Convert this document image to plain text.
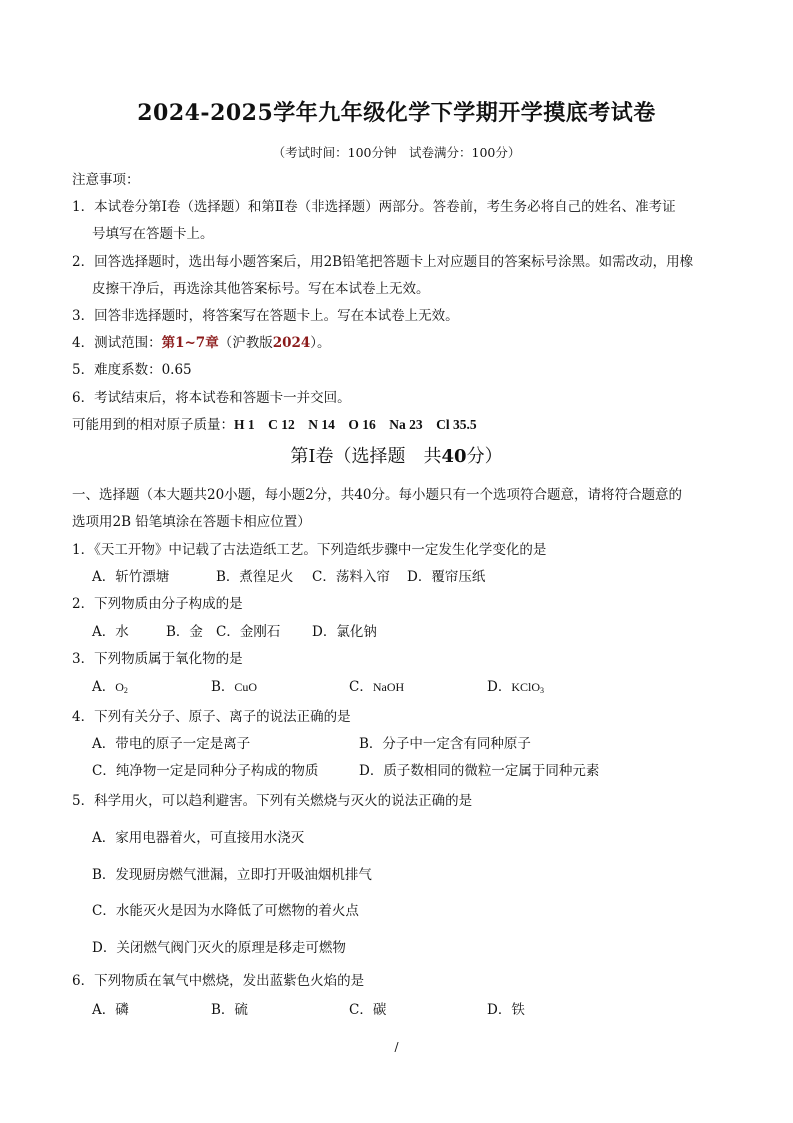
2024-2025学年九年级化学下学期开学摸底考试卷
（考试时间：100分钟　试卷满分：100分）
注意事项：
1．本试卷分第Ⅰ卷（选择题）和第Ⅱ卷（非选择题）两部分。答卷前，考生务必将自己的姓名、准考证
号填写在答题卡上。
2．回答选择题时，选出每小题答案后，用2B铅笔把答题卡上对应题目的答案标号涂黑。如需改动，用橡
皮擦干净后，再选涂其他答案标号。写在本试卷上无效。
3．回答非选择题时，将答案写在答题卡上。写在本试卷上无效。
4．测试范围：第1~7章（沪教版2024）。
5．难度系数：0.65
6．考试结束后，将本试卷和答题卡一并交回。
可能用到的相对原子质量：H 1　C 12　N 14　O 16　Na 23　Cl 35.5
第Ⅰ卷（选择题　共40分）
一、选择题（本大题共20小题，每小题2分，共40分。每小题只有一个选项符合题意，请将符合题意的
选项用2B 铅笔填涂在答题卡相应位置）
1．《天工开物》中记载了古法造纸工艺。下列造纸步骤中一定发生化学变化的是
A．斩竹漂塘	B．煮徨足火 C．荡料入帘 D．覆帘压纸
2．下列物质由分子构成的是
A．水	B．金 C．金刚石 D．氯化钠
3．下列物质属于氧化物的是
A．$O_2$	B．CuO	C．NaOH	D．KClO$_3$
4．下列有关分子、原子、离子的说法正确的是
A．带电的原子一定是离子	B．分子中一定含有同种原子
C．纯净物一定是同种分子构成的物质	D．质子数相同的微粒一定属于同种元素
5．科学用火，可以趋利避害。下列有关燃烧与灭火的说法正确的是
A．家用电器着火，可直接用水浇灭
B．发现厨房燃气泄漏，立即打开吸油烟机排气
C．水能灭火是因为水降低了可燃物的着火点
D．关闭燃气阀门灭火的原理是移走可燃物
6．下列物质在氧气中燃烧，发出蓝紫色火焰的是
A．磷	B．硫	C．碳	D．铁
/
